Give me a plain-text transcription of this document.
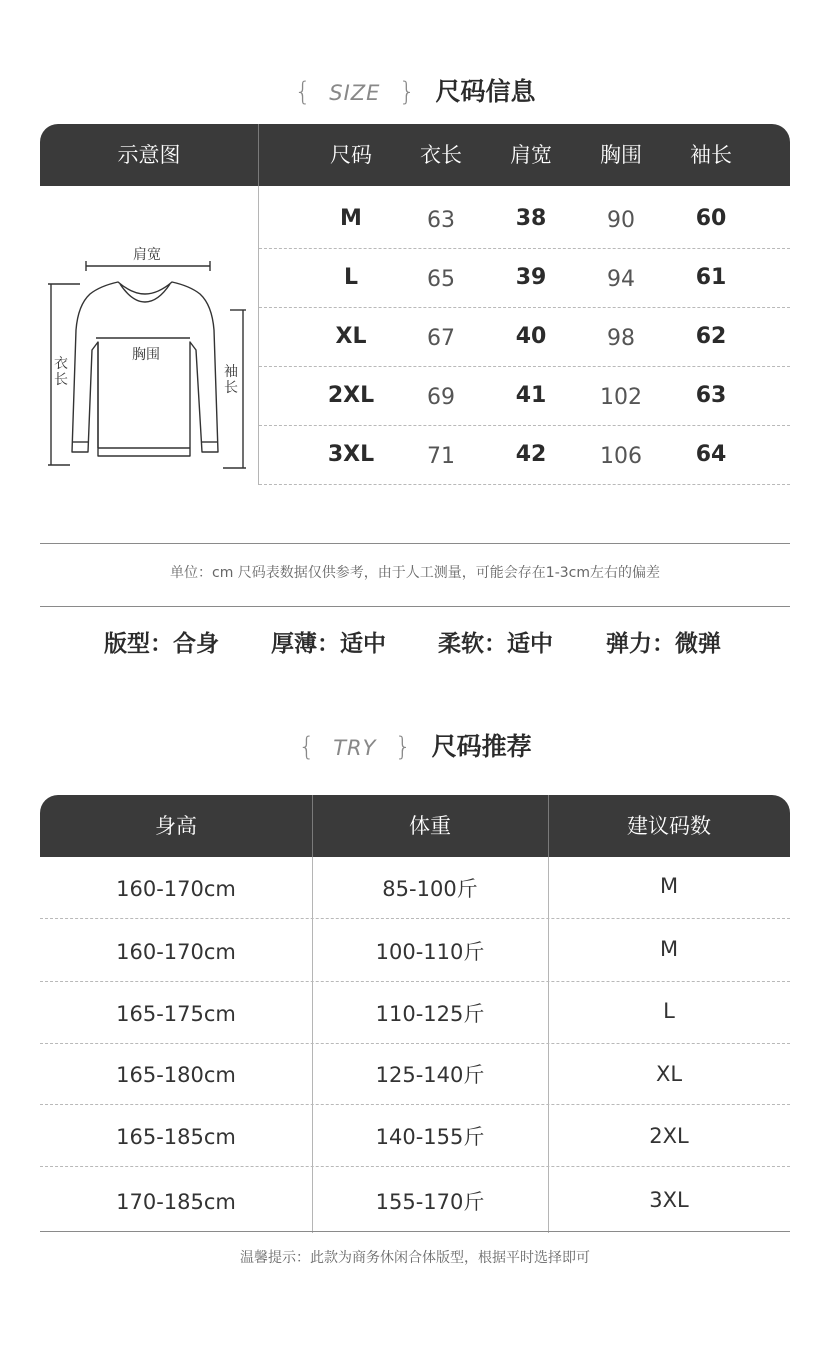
{ SIZE } 尺码信息
示意图	尺码	衣长	肩宽	胸围	袖长
M	63	38	90	60
L	65	39	94	61
XL	67	40	98	62
2XL	69	41	102	63
3XL	71	42	106	64
肩宽
胸围
衣长	袖长
单位：cm 尺码表数据仅供参考，由于人工测量，可能会存在1-3cm左右的偏差
版型：合身 厚薄：适中 柔软：适中 弹力：微弹
{ TRY } 尺码推荐
身高	体重	建议码数
160-170cm	85-100斤	M
160-170cm	100-110斤	M
165-175cm	110-125斤	L
165-180cm	125-140斤	XL
165-185cm	140-155斤	2XL
170-185cm	155-170斤	3XL
温馨提示：此款为商务休闲合体版型，根据平时选择即可
